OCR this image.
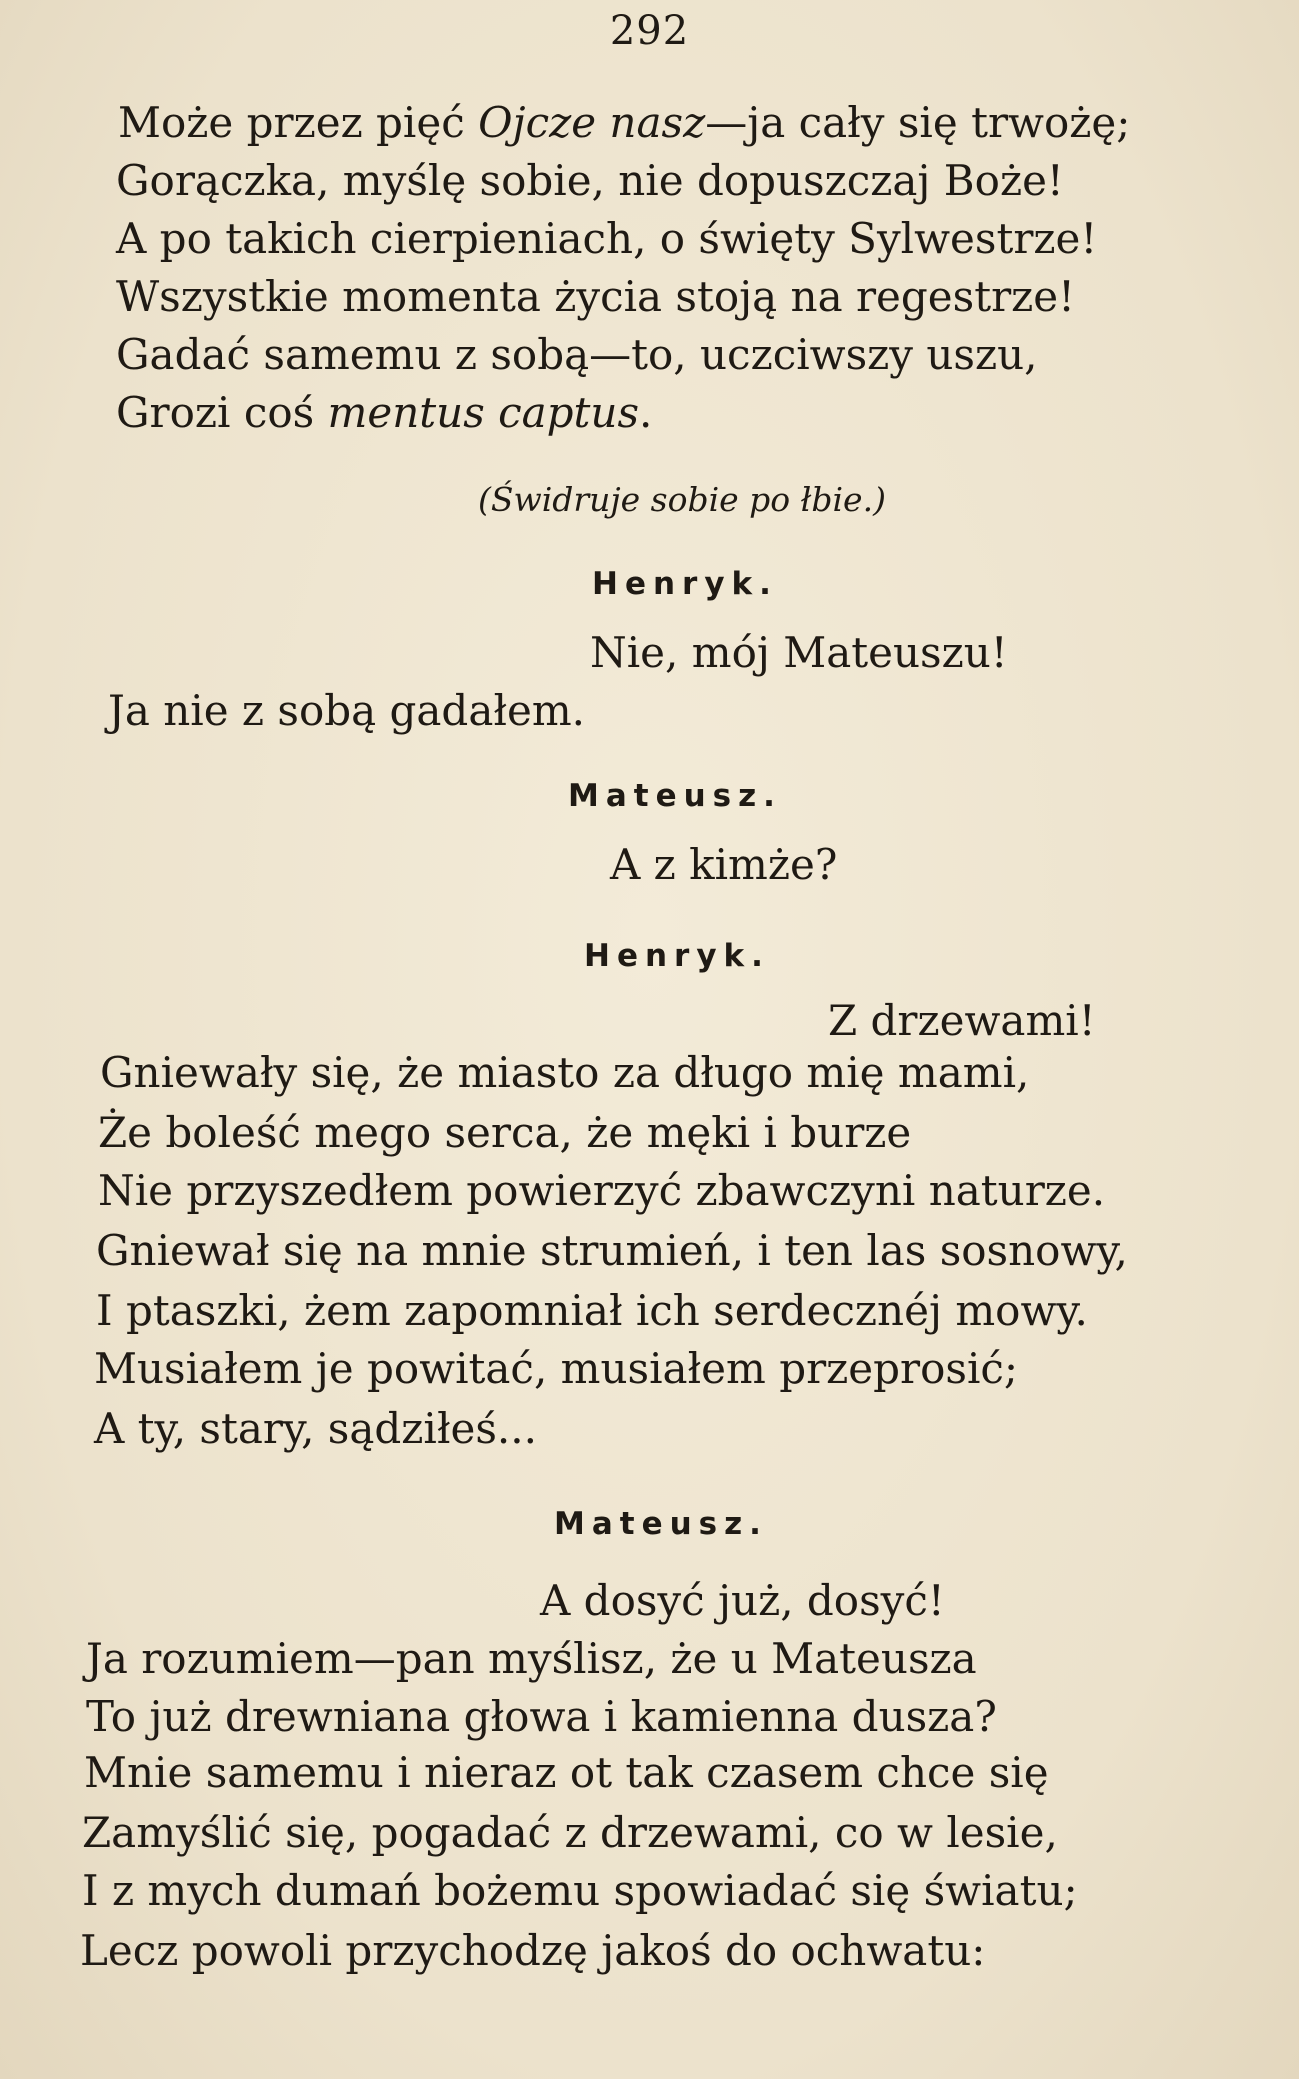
292
Może przez pięć Ojcze nasz—ja cały się trwożę;
Gorączka, myślę sobie, nie dopuszczaj Boże!
A po takich cierpieniach, o święty Sylwestrze!
Wszystkie momenta życia stoją na regestrze!
Gadać samemu z sobą—to, uczciwszy uszu,
Grozi coś mentus captus.
(Świdruje sobie po łbie.)
Henryk.
Nie, mój Mateuszu!
Ja nie z sobą gadałem.
Mateusz.
A z kimże?
Henryk.
Z drzewami!
Gniewały się, że miasto za długo mię mami,
Że boleść mego serca, że męki i burze
Nie przyszedłem powierzyć zbawczyni naturze.
Gniewał się na mnie strumień, i ten las sosnowy,
I ptaszki, żem zapomniał ich serdecznéj mowy.
Musiałem je powitać, musiałem przeprosić;
A ty, stary, sądziłeś...
Mateusz.
A dosyć już, dosyć!
Ja rozumiem—pan myślisz, że u Mateusza
To już drewniana głowa i kamienna dusza?
Mnie samemu i nieraz ot tak czasem chce się
Zamyślić się, pogadać z drzewami, co w lesie,
I z mych dumań bożemu spowiadać się światu;
Lecz powoli przychodzę jakoś do ochwatu:
